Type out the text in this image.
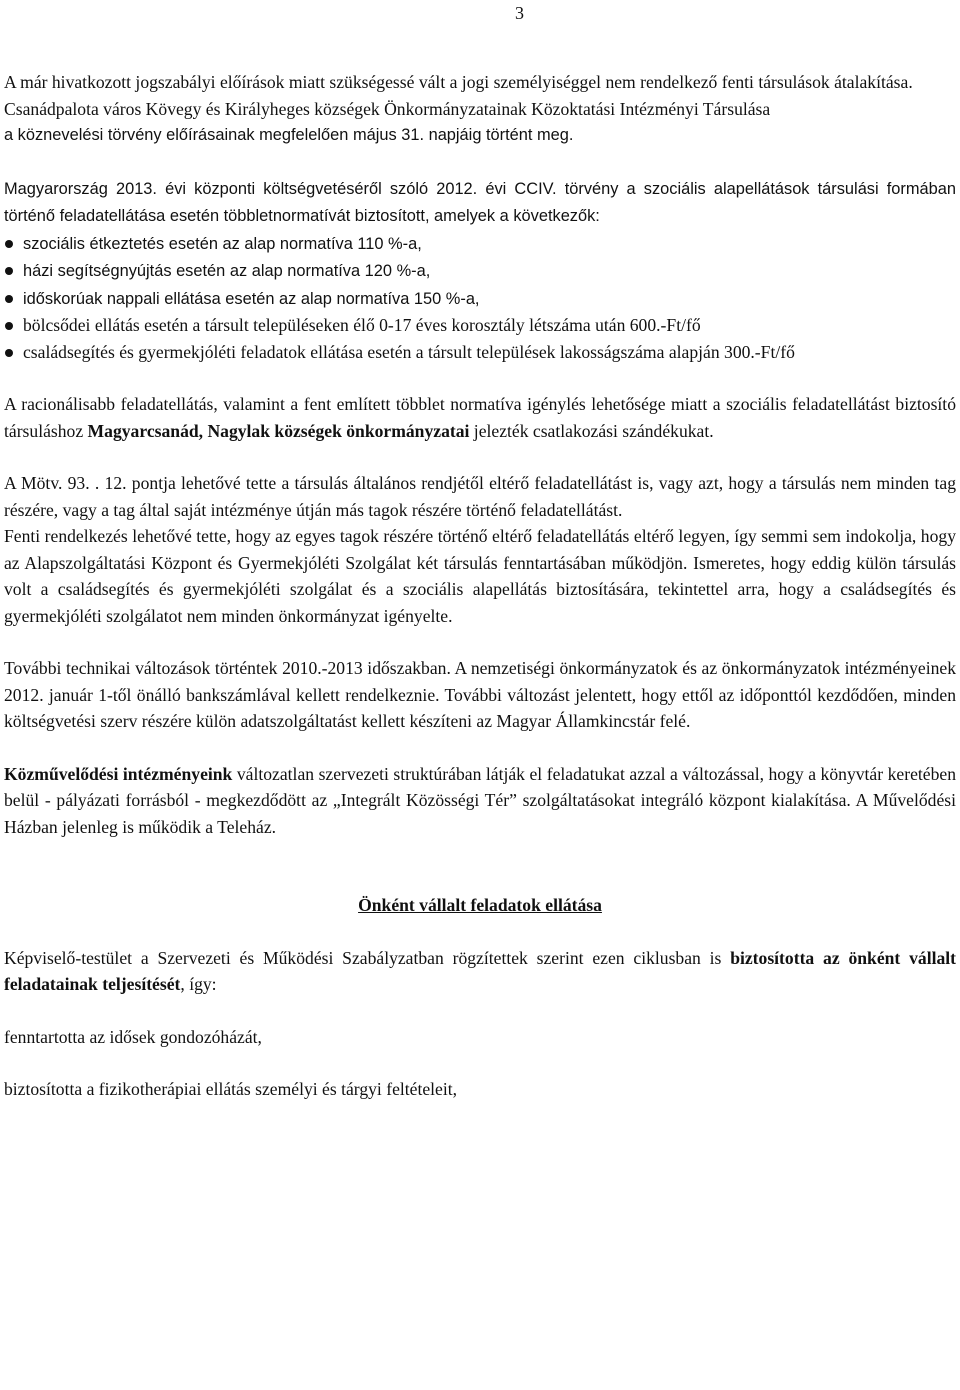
3

A már hivatkozott jogszabályi előírások miatt szükségessé vált a jogi személyiséggel nem rendelkező fenti társulások átalakítása.

Csanádpalota város Kövegy és Királyheges községek Önkormányzatainak Közoktatási Intézményi Társulása

a köznevelési törvény előírásainak megfelelően május 31. napjáig történt meg.

Magyarország 2013. évi központi költségvetéséről szóló 2012. évi CCIV. törvény a szociális alapellátások társulási formában történő feladatellátása esetén többletnormatívát biztosított, amelyek a következők:

szociális étkeztetés esetén az alap normatíva 110 %-a,
házi segítségnyújtás esetén az alap normatíva 120 %-a,
időskorúak nappali ellátása esetén az alap normatíva 150 %-a,
bölcsődei ellátás esetén a társult településeken élő 0-17 éves korosztály létszáma után 600.-Ft/fő
családsegítés és gyermekjóléti feladatok ellátása esetén a társult települések lakosságszáma alapján 300.-Ft/fő

A racionálisabb feladatellátás, valamint a fent említett többlet normatíva igénylés lehetősége miatt a szociális feladatellátást biztosító társuláshoz Magyarcsanád, Nagylak községek önkormányzatai jelezték csatlakozási szándékukat.

A Mötv. 93. . 12. pontja lehetővé tette a társulás általános rendjétől eltérő feladatellátást is, vagy azt, hogy a társulás nem minden tag részére, vagy a tag által saját intézménye útján más tagok részére történő feladatellátást.

Fenti rendelkezés lehetővé tette, hogy az egyes tagok részére történő eltérő feladatellátás eltérő legyen, így semmi sem indokolja, hogy az Alapszolgáltatási Központ és Gyermekjóléti Szolgálat két társulás fenntartásában működjön. Ismeretes, hogy eddig külön társulás volt a családsegítés és gyermekjóléti szolgálat és a szociális alapellátás biztosítására, tekintettel arra, hogy a családsegítés és gyermekjóléti szolgálatot nem minden önkormányzat igényelte.

További technikai változások történtek 2010.-2013 időszakban. A nemzetiségi önkormányzatok és az önkormányzatok intézményeinek 2012. január 1-től önálló bankszámlával kellett rendelkeznie. További változást jelentett, hogy ettől az időponttól kezdődően, minden költségvetési szerv részére külön adatszolgáltatást kellett készíteni az Magyar Államkincstár felé.

Közművelődési intézményeink változatlan szervezeti struktúrában látják el feladatukat azzal a változással, hogy a könyvtár keretében belül - pályázati forrásból - megkezdődött az „Integrált Közösségi Tér” szolgáltatásokat integráló központ kialakítása. A Művelődési Házban jelenleg is működik a Teleház.

Önként vállalt feladatok ellátása

Képviselő-testület a Szervezeti és Működési Szabályzatban rögzítettek szerint ezen ciklusban is biztosította az önként vállalt feladatainak teljesítését, így:

fenntartotta az idősek gondozóházát,

biztosította a fizikotherápiai ellátás személyi és tárgyi feltételeit,
